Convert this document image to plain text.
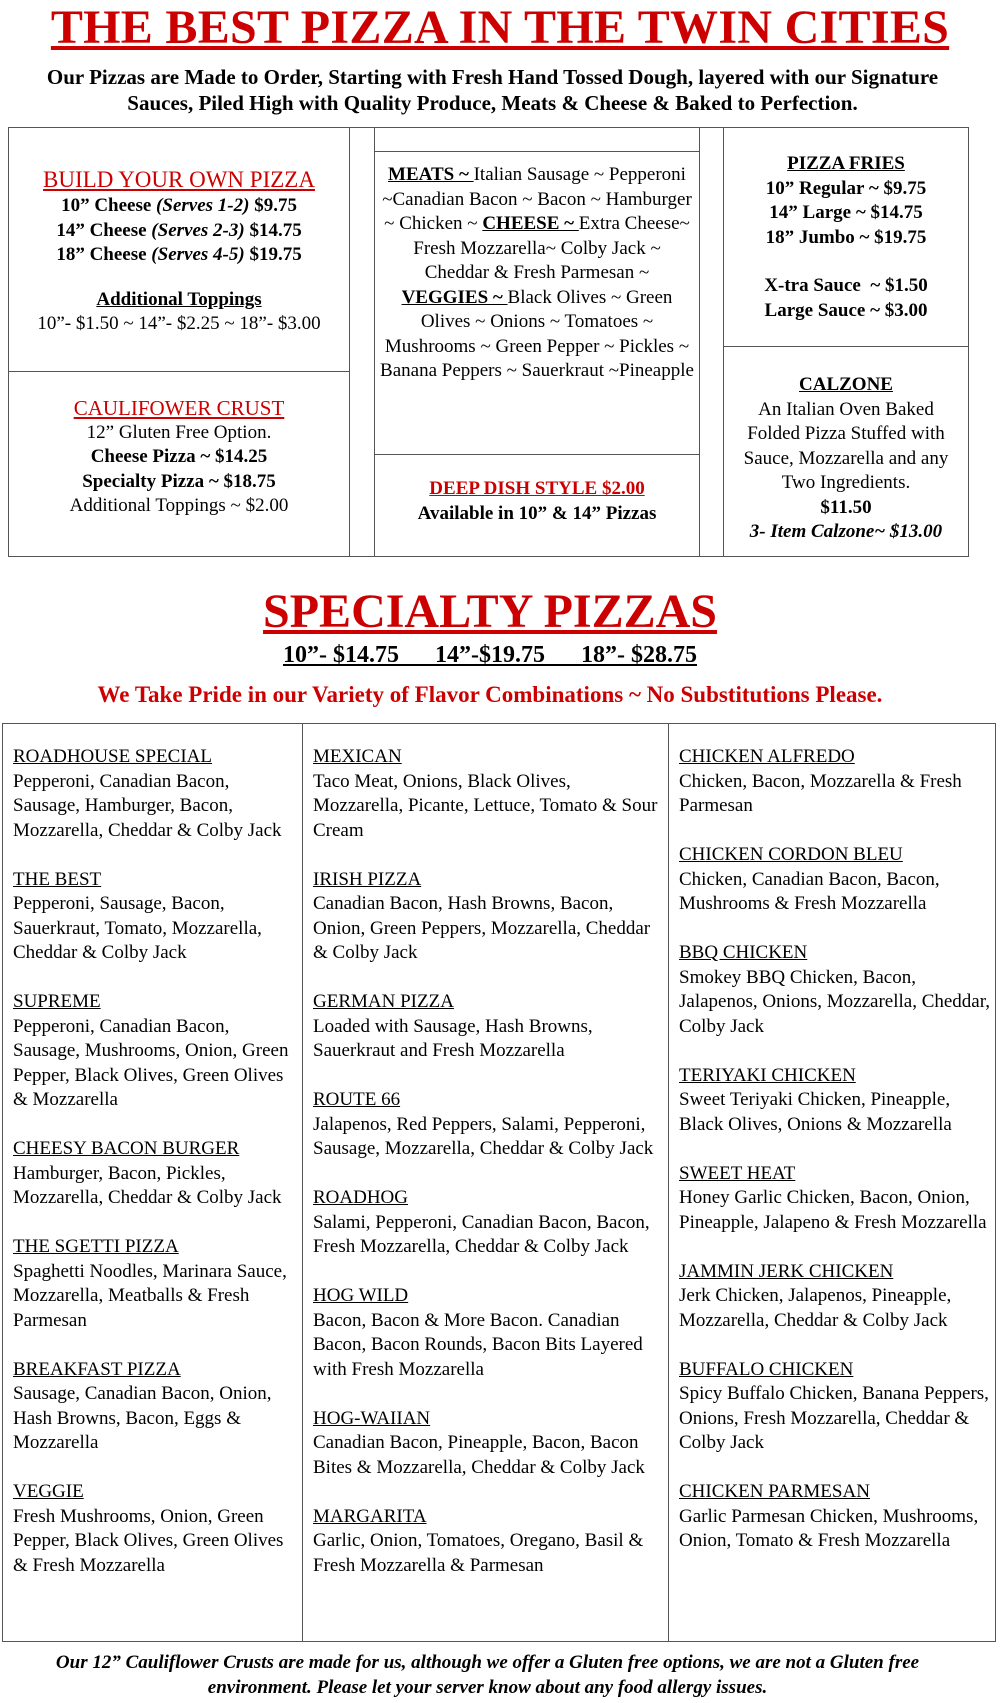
THE BEST PIZZA IN THE TWIN CITIES
Our Pizzas are Made to Order, Starting with Fresh Hand Tossed Dough, layered with our Signature Sauces, Piled High with Quality Produce, Meats & Cheese & Baked to Perfection.
BUILD YOUR OWN PIZZA
10” Cheese (Serves 1-2) $9.75
14” Cheese (Serves 2-3) $14.75
18” Cheese (Serves 4-5) $19.75
Additional Toppings
10”- $1.50 ~ 14”- $2.25 ~ 18”- $3.00
CAULIFOWER CRUST
12” Gluten Free Option.
Cheese Pizza ~ $14.25
Specialty Pizza ~ $18.75
Additional Toppings ~ $2.00
MEATS ~ Italian Sausage ~ Pepperoni ~Canadian Bacon ~ Bacon ~ Hamburger ~ Chicken ~ CHEESE ~ Extra Cheese~ Fresh Mozzarella~ Colby Jack ~ Cheddar & Fresh Parmesan ~ VEGGIES ~ Black Olives ~ Green Olives ~ Onions ~ Tomatoes ~ Mushrooms ~ Green Pepper ~ Pickles ~ Banana Peppers ~ Sauerkraut ~Pineapple
DEEP DISH STYLE $2.00
Available in 10” & 14” Pizzas
PIZZA FRIES
10” Regular ~ $9.75
14” Large ~ $14.75
18” Jumbo ~ $19.75
X-tra Sauce  ~ $1.50
Large Sauce ~ $3.00
CALZONE
An Italian Oven Baked Folded Pizza Stuffed with Sauce, Mozzarella and any Two Ingredients.
$11.50
3- Item Calzone~ $13.00
SPECIALTY PIZZAS
10”- $14.75      14”-$19.75      18”- $28.75
We Take Pride in our Variety of Flavor Combinations ~ No Substitutions Please.
ROADHOUSE SPECIAL
Pepperoni, Canadian Bacon, Sausage, Hamburger, Bacon, Mozzarella, Cheddar & Colby Jack
THE BEST
Pepperoni, Sausage, Bacon, Sauerkraut, Tomato, Mozzarella, Cheddar & Colby Jack
SUPREME
Pepperoni, Canadian Bacon, Sausage, Mushrooms, Onion, Green Pepper, Black Olives, Green Olives & Mozzarella
CHEESY BACON BURGER
Hamburger, Bacon, Pickles, Mozzarella, Cheddar & Colby Jack
THE SGETTI PIZZA
Spaghetti Noodles, Marinara Sauce, Mozzarella, Meatballs & Fresh Parmesan
BREAKFAST PIZZA
Sausage, Canadian Bacon, Onion, Hash Browns, Bacon, Eggs & Mozzarella
VEGGIE
Fresh Mushrooms, Onion, Green Pepper, Black Olives, Green Olives & Fresh Mozzarella
MEXICAN
Taco Meat, Onions, Black Olives, Mozzarella, Picante, Lettuce, Tomato & Sour Cream
IRISH PIZZA
Canadian Bacon, Hash Browns, Bacon, Onion, Green Peppers, Mozzarella, Cheddar & Colby Jack
GERMAN PIZZA
Loaded with Sausage, Hash Browns, Sauerkraut and Fresh Mozzarella
ROUTE 66
Jalapenos, Red Peppers, Salami, Pepperoni, Sausage, Mozzarella, Cheddar & Colby Jack
ROADHOG
Salami, Pepperoni, Canadian Bacon, Bacon, Fresh Mozzarella, Cheddar & Colby Jack
HOG WILD
Bacon, Bacon & More Bacon. Canadian Bacon, Bacon Rounds, Bacon Bits Layered with Fresh Mozzarella
HOG-WAIIAN
Canadian Bacon, Pineapple, Bacon, Bacon Bites & Mozzarella, Cheddar & Colby Jack
MARGARITA
Garlic, Onion, Tomatoes, Oregano, Basil & Fresh Mozzarella & Parmesan
CHICKEN ALFREDO
Chicken, Bacon, Mozzarella & Fresh Parmesan
CHICKEN CORDON BLEU
Chicken, Canadian Bacon, Bacon, Mushrooms & Fresh Mozzarella
BBQ CHICKEN
Smokey BBQ Chicken, Bacon, Jalapenos, Onions, Mozzarella, Cheddar, Colby Jack
TERIYAKI CHICKEN
Sweet Teriyaki Chicken, Pineapple, Black Olives, Onions & Mozzarella
SWEET HEAT
Honey Garlic Chicken, Bacon, Onion, Pineapple, Jalapeno & Fresh Mozzarella
JAMMIN JERK CHICKEN
Jerk Chicken, Jalapenos, Pineapple, Mozzarella, Cheddar & Colby Jack
BUFFALO CHICKEN
Spicy Buffalo Chicken, Banana Peppers, Onions, Fresh Mozzarella, Cheddar & Colby Jack
CHICKEN PARMESAN
Garlic Parmesan Chicken, Mushrooms, Onion, Tomato & Fresh Mozzarella
Our 12” Cauliflower Crusts are made for us, although we offer a Gluten free options, we are not a Gluten free environment. Please let your server know about any food allergy issues.
